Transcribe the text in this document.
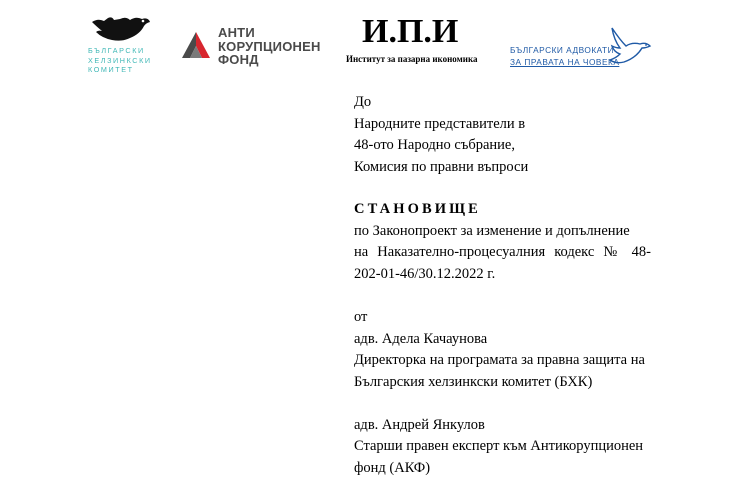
БЪЛГАРСКИ
ХЕЛЗИНКСКИ
КОМИТЕТ
АНТИ
КОРУПЦИОНЕН
ФОНД
И.П.И
Институт за пазарна икономика
БЪЛГАРСКИ АДВОКАТИ
ЗА ПРАВАТА НА ЧОВЕКА
До
Народните представители в
48-ото Народно събрание,
Комисия по правни въпроси
СТАНОВИЩЕ
по Законопроект за изменение и допълнение
на Наказателно-процесуалния кодекс № 48-
202-01-46/30.12.2022 г.
от
адв. Адела Качаунова
Директорка на програмата за правна защита на
Българския хелзинкски комитет (БХК)
адв. Андрей Янкулов
Старши правен експерт към Антикорупционен
фонд (АКФ)
